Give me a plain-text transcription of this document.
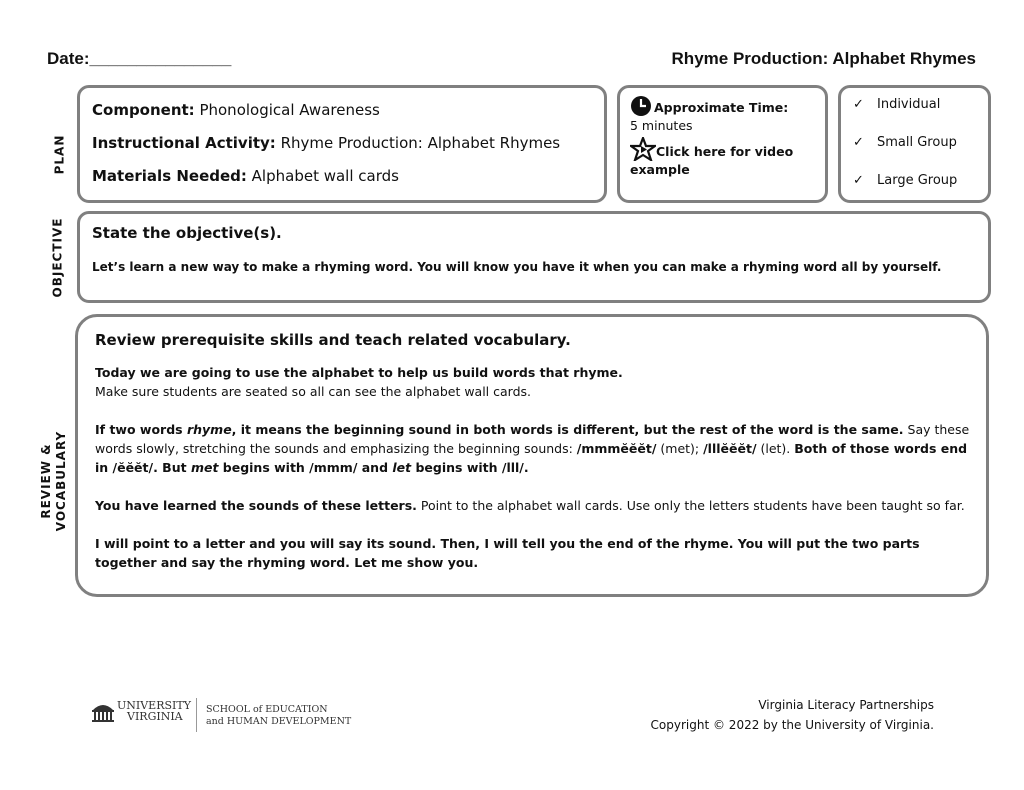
Date:_______________	Rhyme Production: Alphabet Rhymes
PLAN
OBJECTIVE
REVIEW & VOCABULARY

Component: Phonological Awareness

Instructional Activity: Rhyme Production: Alphabet Rhymes

Materials Needed: Alphabet wall cards

Approximate Time:
5 minutes
Click here for video
example
✓	Individual
✓	Small Group
✓	Large Group
State the objective(s).
Let’s learn a new way to make a rhyming word. You will know you have it when you can make a rhyming word all by yourself.
Review prerequisite skills and teach related vocabulary.

Today we are going to use the alphabet to help us build words that rhyme.

Make sure students are seated so all can see the alphabet wall cards.

If two words rhyme, it means the beginning sound in both words is different, but the rest of the word is the same. Say these words slowly, stretching the sounds and emphasizing the beginning sounds: /mmmĕĕĕt/ (met); /lllĕĕĕt/ (let). Both of those words end in /ĕĕĕt/. But met begins with /mmm/ and let begins with /lll/.

You have learned the sounds of these letters. Point to the alphabet wall cards. Use only the letters students have been taught so far.

I will point to a letter and you will say its sound. Then, I will tell you the end of the rhyme. You will put the two parts together and say the rhyming word. Let me show you.

UNIVERSITY
VIRGINIA
SCHOOL of EDUCATION
and HUMAN DEVELOPMENT
Virginia Literacy Partnerships
Copyright © 2022 by the University of Virginia.
